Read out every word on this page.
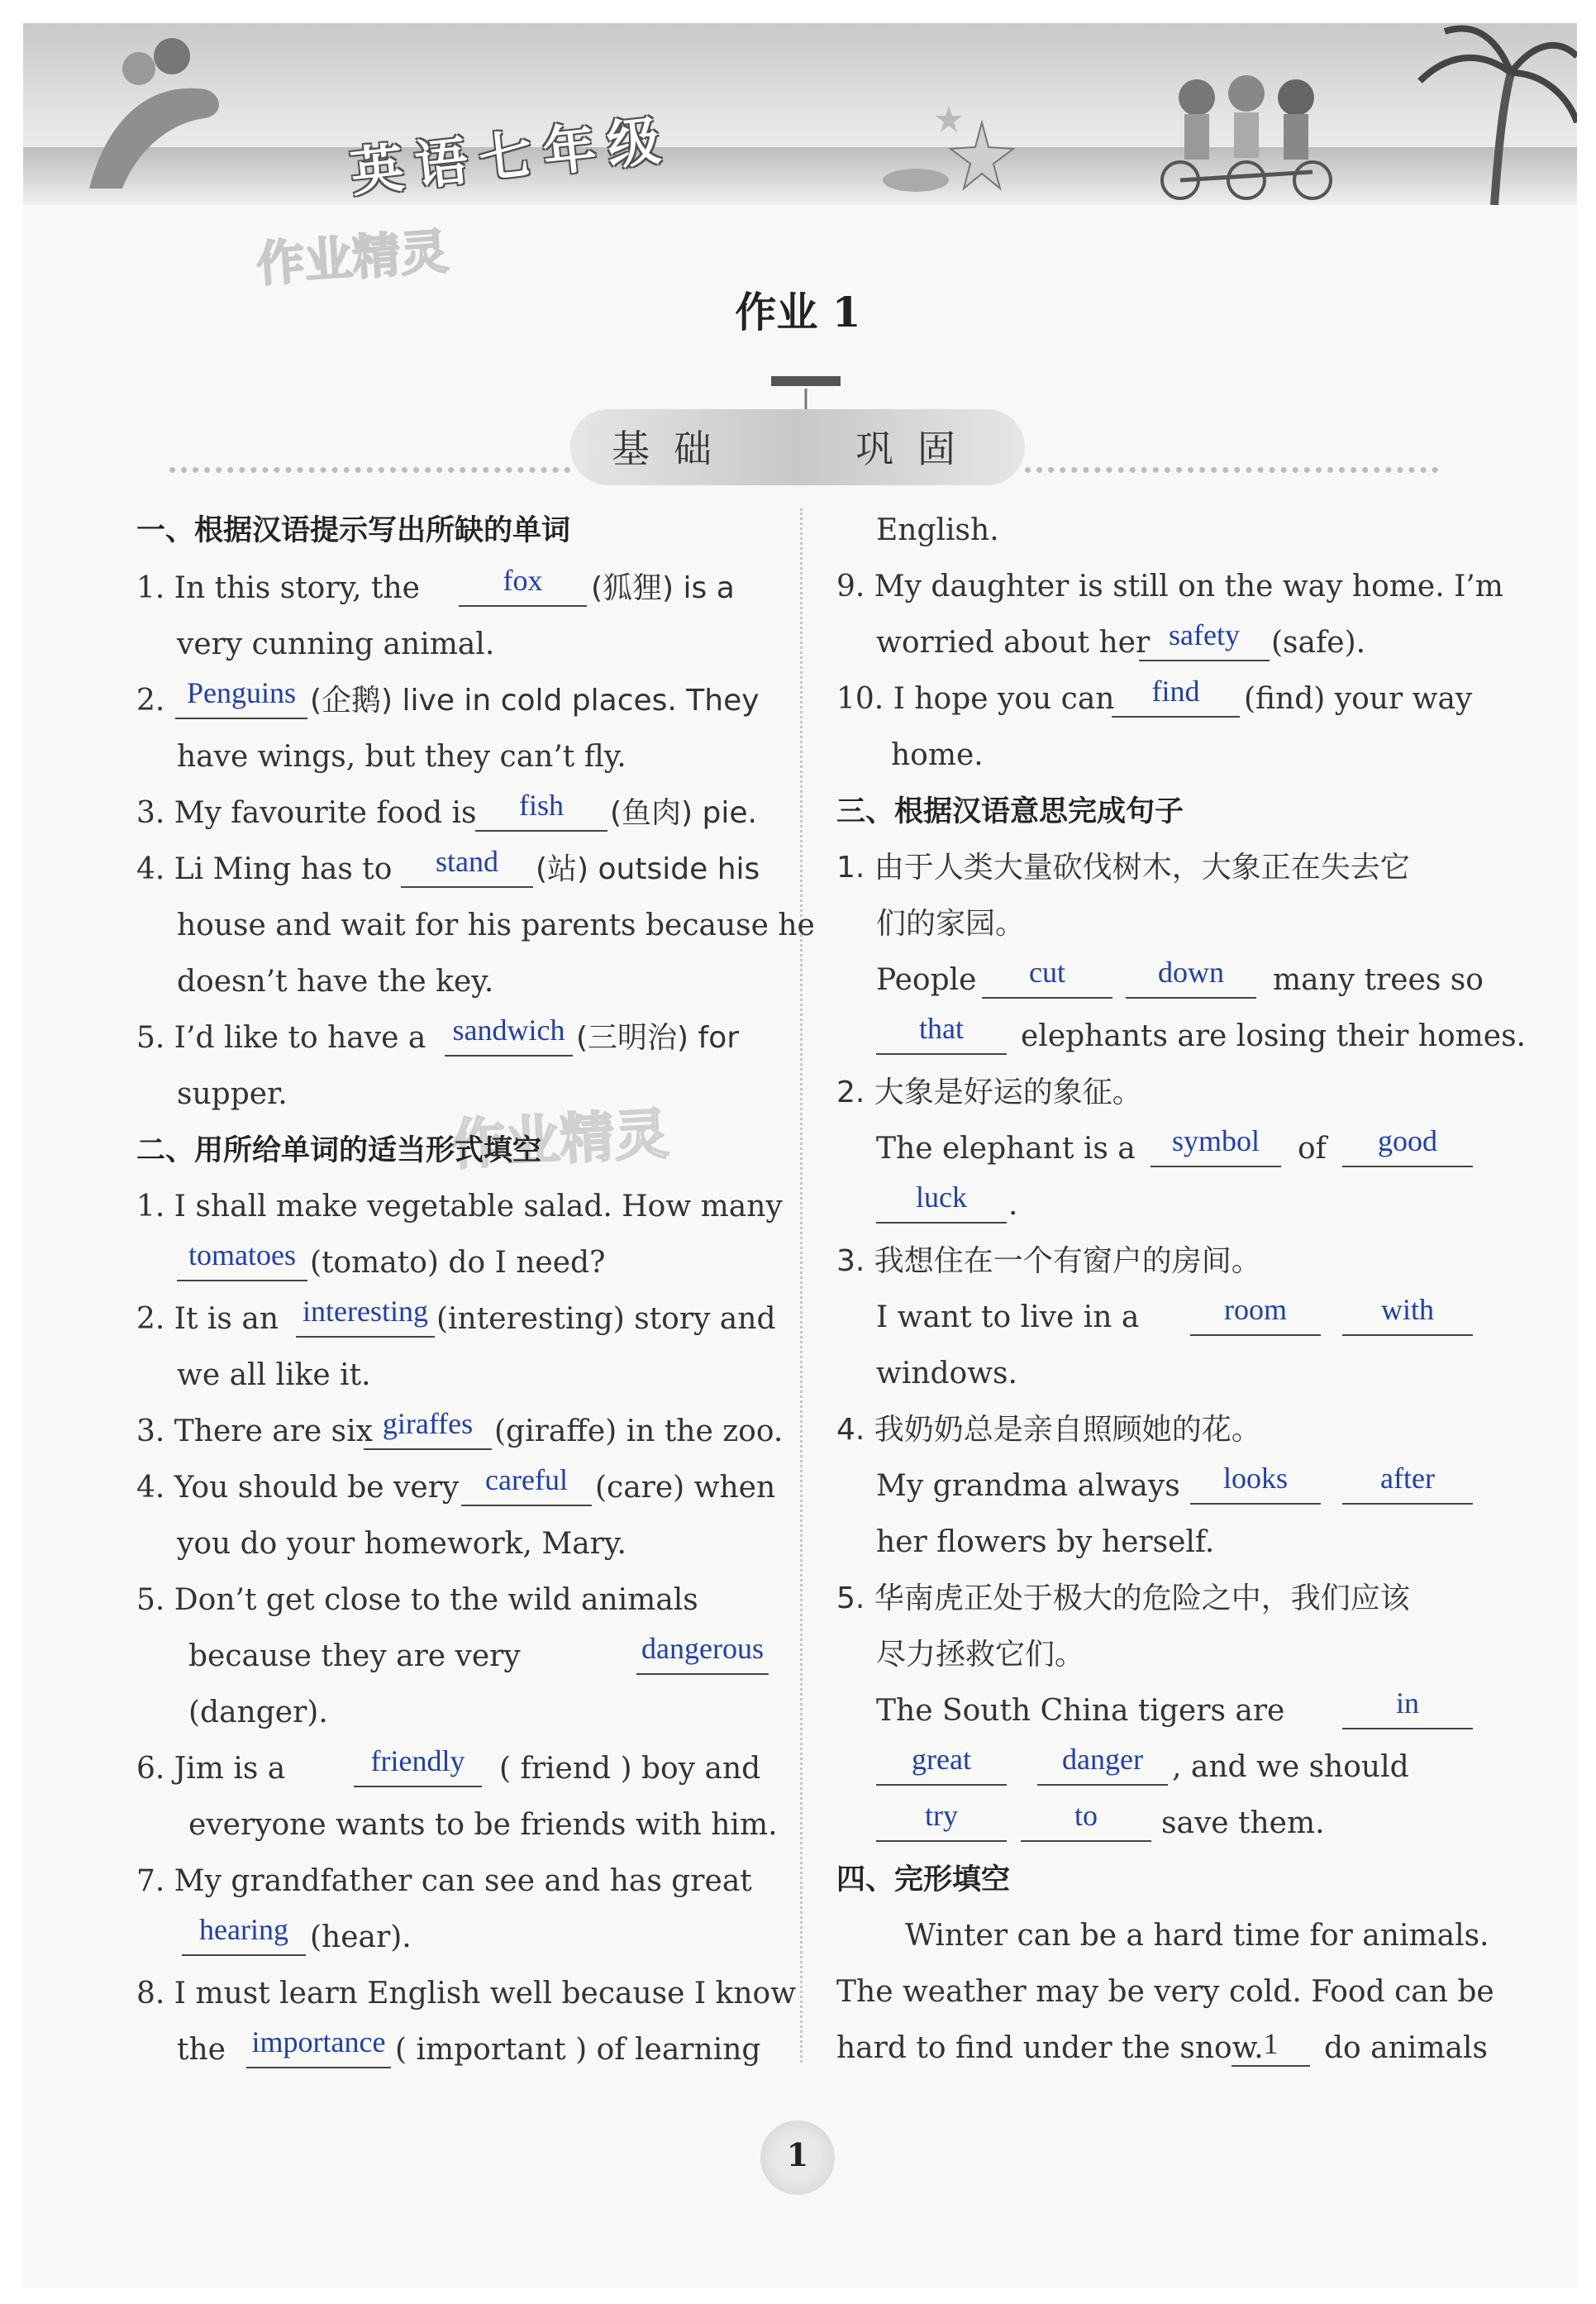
英语七年级
作业精灵
作业 1
基 础	巩 固
作业精灵
一、根据汉语提示写出所缺的单词
1. In this story, the	fox	(狐狸) is a
very cunning animal.
2. Penguins (企鹅) live in cold places. They
have wings, but they can’t fly.
3. My favourite food is	fish	(鱼肉) pie.
4. Li Ming has to	stand	(站) outside his
house and wait for his parents because he
doesn’t have the key.
5. I’d like to have a sandwich (三明治) for
supper.
二、用所给单词的适当形式填空
1. I shall make vegetable salad. How many
tomatoes (tomato) do I need?
2. It is an interesting (interesting) story and
we all like it.
3. There are six giraffes (giraffe) in the zoo.
4. You should be very careful (care) when
you do your homework, Mary.
5. Don’t get close to the wild animals
because they are very	dangerous
(danger).
6. Jim is a	friendly	( friend ) boy and
everyone wants to be friends with him.
7. My grandfather can see and has great
hearing (hear).
8. I must learn English well because I know
the importance ( important ) of learning
English.
9. My daughter is still on the way home. I’m
worried about her safety	(safe).
10. I hope you can	find	(find) your way
home.
三、根据汉语意思完成句子
1. 由于人类大量砍伐树木，大象正在失去它
们的家园。
People	cut	down	many trees so
that	elephants are losing their homes.
2. 大象是好运的象征。
The elephant is a	symbol	of	good
luck	.
3. 我想住在一个有窗户的房间。
I want to live in a	room	with
windows.
4. 我奶奶总是亲自照顾她的花。
My grandma always	looks	after
her flowers by herself.
5. 华南虎正处于极大的危险之中，我们应该
尽力拯救它们。
The South China tigers are	in
great	danger , and we should
try	to	save them.
四、完形填空
Winter can be a hard time for animals.
The weather may be very cold. Food can be
hard to find under the snow. 1	do animals
1
